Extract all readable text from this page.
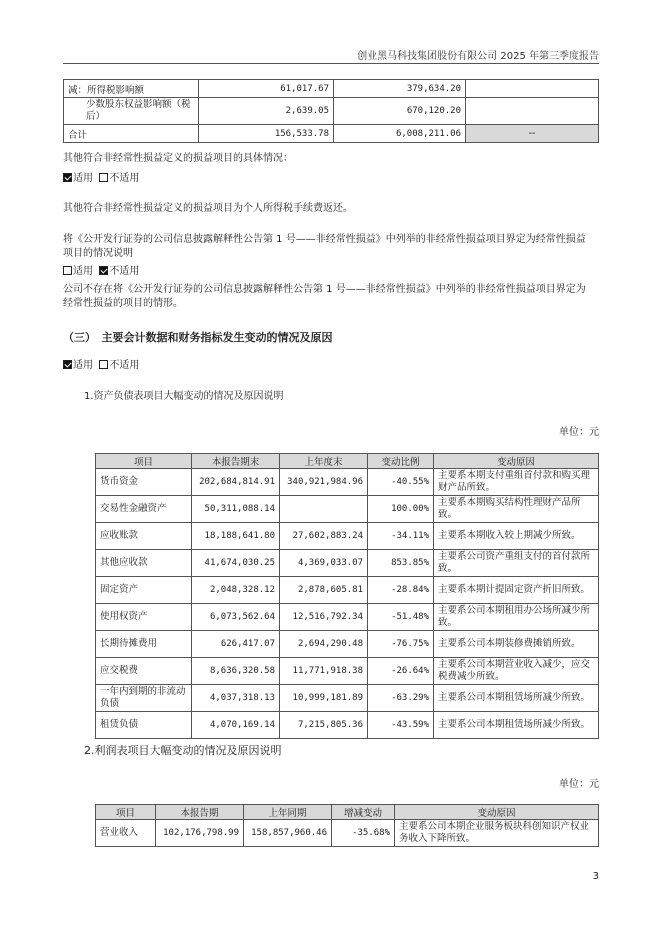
创业黑马科技集团股份有限公司 2025 年第三季度报告
减：所得税影响额	61,017.67	379,634.20	
少数股东权益影响额（税后）	2,639.05	670,120.20	
合计	156,533.78	6,008,211.06	--
其他符合非经常性损益定义的损益项目的具体情况：
适用 不适用
其他符合非经常性损益定义的损益项目为个人所得税手续费返还。
将《公开发行证券的公司信息披露解释性公告第 1 号——非经常性损益》中列举的非经常性损益项目界定为经常性损益项目的情况说明
适用 不适用
公司不存在将《公开发行证券的公司信息披露解释性公告第 1 号——非经常性损益》中列举的非经常性损益项目界定为经常性损益的项目的情形。
（三）　主要会计数据和财务指标发生变动的情况及原因
适用 不适用
1.资产负债表项目大幅变动的情况及原因说明
单位：元
项目	本报告期末	上年度末	变动比例	变动原因
货币资金	202,684,814.91	340,921,984.96	-40.55%	主要系本期支付重组首付款和购买理财产品所致。
交易性金融资产	50,311,088.14		100.00%	主要系本期购买结构性理财产品所致。
应收账款	18,188,641.80	27,602,883.24	-34.11%	主要系本期收入较上期减少所致。
其他应收款	41,674,030.25	4,369,033.07	853.85%	主要系公司资产重组支付的首付款所致。
固定资产	2,048,328.12	2,878,605.81	-28.84%	主要系本期计提固定资产折旧所致。
使用权资产	6,073,562.64	12,516,792.34	-51.48%	主要系公司本期租用办公场所减少所致。
长期待摊费用	626,417.07	2,694,290.48	-76.75%	主要系公司本期装修费摊销所致。
应交税费	8,636,320.58	11,771,918.38	-26.64%	主要系公司本期营业收入减少，应交税费减少所致。
一年内到期的非流动负债	4,037,318.13	10,999,181.89	-63.29%	主要系公司本期租赁场所减少所致。
租赁负债	4,070,169.14	7,215,805.36	-43.59%	主要系公司本期租赁场所减少所致。
2.利润表项目大幅变动的情况及原因说明
单位：元
项目	本报告期	上年同期	增减变动	变动原因
营业收入	102,176,798.99	158,857,960.46	-35.68%	主要系公司本期企业服务板块科创知识产权业务收入下降所致。
3
